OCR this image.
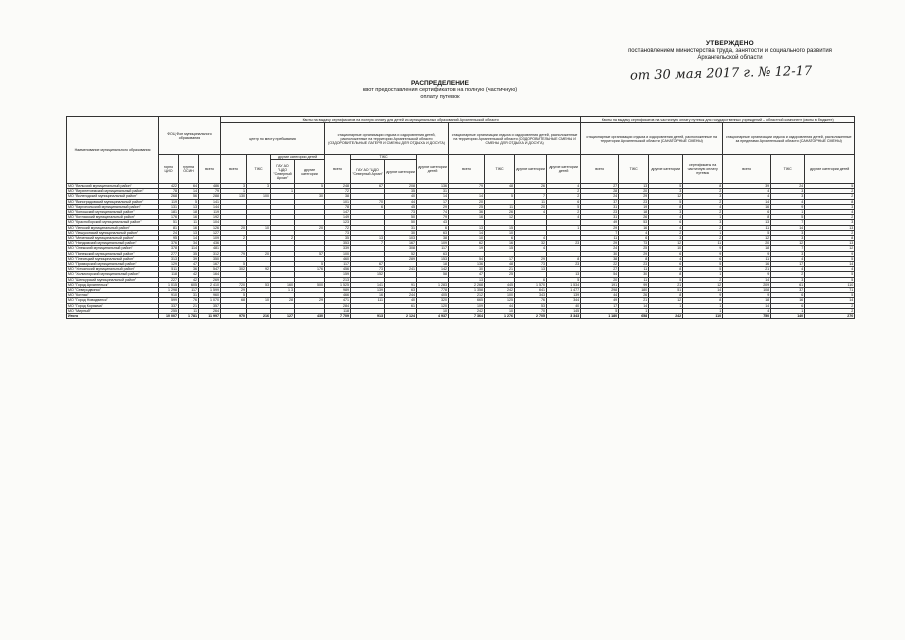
УТВЕРЖДЕНО
постановлением министерства труда, занятости и социального развития
Архангельской области
от 30 мая 2017 г. № 12-17
РАСПРЕДЕЛЕНИЕ
квот предоставления сертификатов на полную (частичную)
оплату путевок
Наименование муниципального образования	ФОЦ Фон муниципального образования			Квоты на выдачу сертификатов на полную оплату для детей из муниципальных образований Архангельской области												Квоты на выдачу сертификатов на частичную оплату путевок для государственных учреждений – областной компонент (квоты в бюджете)						
				центр по месту пребывания				стационарные организации отдыха и оздоровления детей, расположенные на территории Архангельской области (ОЗДОРОВИТЕЛЬНЫЕ ЛАГЕРЯ И СМЕНЫ ДЛЯ ОТДЫХА И ДОСУГА)				стационарные организации отдыха и оздоровления детей, расположенные на территории Архангельской области (ОЗДОРОВИТЕЛЬНЫЕ СМЕНЫ И СМЕНЫ ДЛЯ ОТДЫХА И ДОСУГА)				стационарные организации отдыха и оздоровления детей, расположенные на территории Архангельской области (САНАТОРНЫЕ СМЕНЫ)				стационарные организации отдыха и оздоровления детей, расположенные за пределами Архангельской области (САНАТОРНЫЕ СМЕНЫ)		
	горно ЦИО	группа ОСИН	всего	всего	ТЖС	другие категории детей		всего	ТЖС		другие категории детей	всего	ТЖС	другие категории	другие категории детей	всего	ТЖС	другие категории	сертификаты на частичную оплату путевок	всего	ТЖС	другие категории детей
						ГАУ АО "ЦДО "Северный Архан"	другие категории		ГАУ АО "ЦДО "Северный Архан"	другие категории												
МО "Вельский муниципальный район"	422	64	486	3	3		5	248	67	208	136	79	48	26	4	27	13	5	8	39	24	5
МО "Верхнетоемский муниципальный район"	78	14	79	1		1		72		35	31				2	28	20	3	2	4	3	2
МО "Вилегодский муниципальный район"	268	56	288	130	100		30	38		40	14	14	5	7	2	24	29	12	3	4	3	2
МО "Виноградовский муниципальный район"	119	5	141					101	70	44	17	20		11	6	37	23	5	2	14	4	8
МО "Каргопольский муниципальный район"	131	13	144					78	6	45	29	25	11	20	5	31	19	8	4	16	9	3
МО "Коношский муниципальный район"	181	18	119					147		73	74	36	26	4	2	23	18	3	2	6	1	4
МО "Котласский муниципальный район"	176	16	192					149		50	79	16	12		4	31	26	4	1	8	5	2
МО "Красноборский муниципальный район"	51	11	104					123		50	43					49	53	6	3	13	7	3
МО "Ленский муниципальный район"	81	16	126	20	10		20	72		31	6	13	15		1	29	16	4	2	11	14	13
МО "Лешуконский муниципальный район"	24	13	127					73		30	63	14	10			7	4	2	1	5	3	2
МО "Мезенский муниципальный район"	95	14	109	2		2		35	13	103	38	10	6	4		11	6	3	2	12	3	8
МО "Няндомский муниципальный район"	376	34	436					353	7	167	109	62	16	32	23	29	73	12	11	20	12	13
МО "Онежский муниципальный район"	378	114	481					339		308	117	19	15	4		24	25	10	9	18	7	12
МО "Пинежский муниципальный район"	277	35	312	79	20		57	100		52	63					30	29	6	9	9	3	9
МО "Плесецкий муниципальный район"	313	39	350					460		289	153	54	17	29	8	38	8	4	6	11	4	5
МО "Приморский муниципальный район"	129	47	167	5			5	117	67		18	136	48	73	23	22	23	6	5	16	17	14
МО "Устьянский муниципальный район"	511	36	547	302	92		176	456	73	241	142	30	21	13		27	11	8	5	21	4	4
МО "Холмогорский муниципальный район"	118	42	164					159	152		58	47	25		13	54	30	8	1	9	2	5
МО "Шенкурский муниципальный район"	227	42	269					213				13		6	5	20	11	5	2	14	3	5
МО "Город Архангельск"	1 015	605	2 410	720	53	160	500	1 525	141	91	1 283	2 268	445	1 570	1 534	191	99	21	12	209	61	110
МО "Северодвинск"	1 298	117	1 599	29		1 3		989	139	63	778	1 358	242	641	1 477	298	180	51	14	108	37	71
МО "Котлас"	910	31	960	5				466	16	244	405	212	100	343	139	44	26	8	9	9	6	5
МО "Город Новодвинск"	599	76	1 070	68	10	28	29	471	111	40	320	665	125	76	344	49	21	12	8	18	16	14
МО "Город Коряжма"	337	21	357					284		61	120	109	44	53	40	17	14	1	1	14	6	2
МО "Мирный"	255	11	264					118			10	242	10	70	145	5	1		1	4	1	2
Итого	10 007	1 781	11 997	970	216	127	430	7 709	913	2 124	4 937	7 364	1 276	2 705	3 343	1 180	658	242	110	750	140	270
